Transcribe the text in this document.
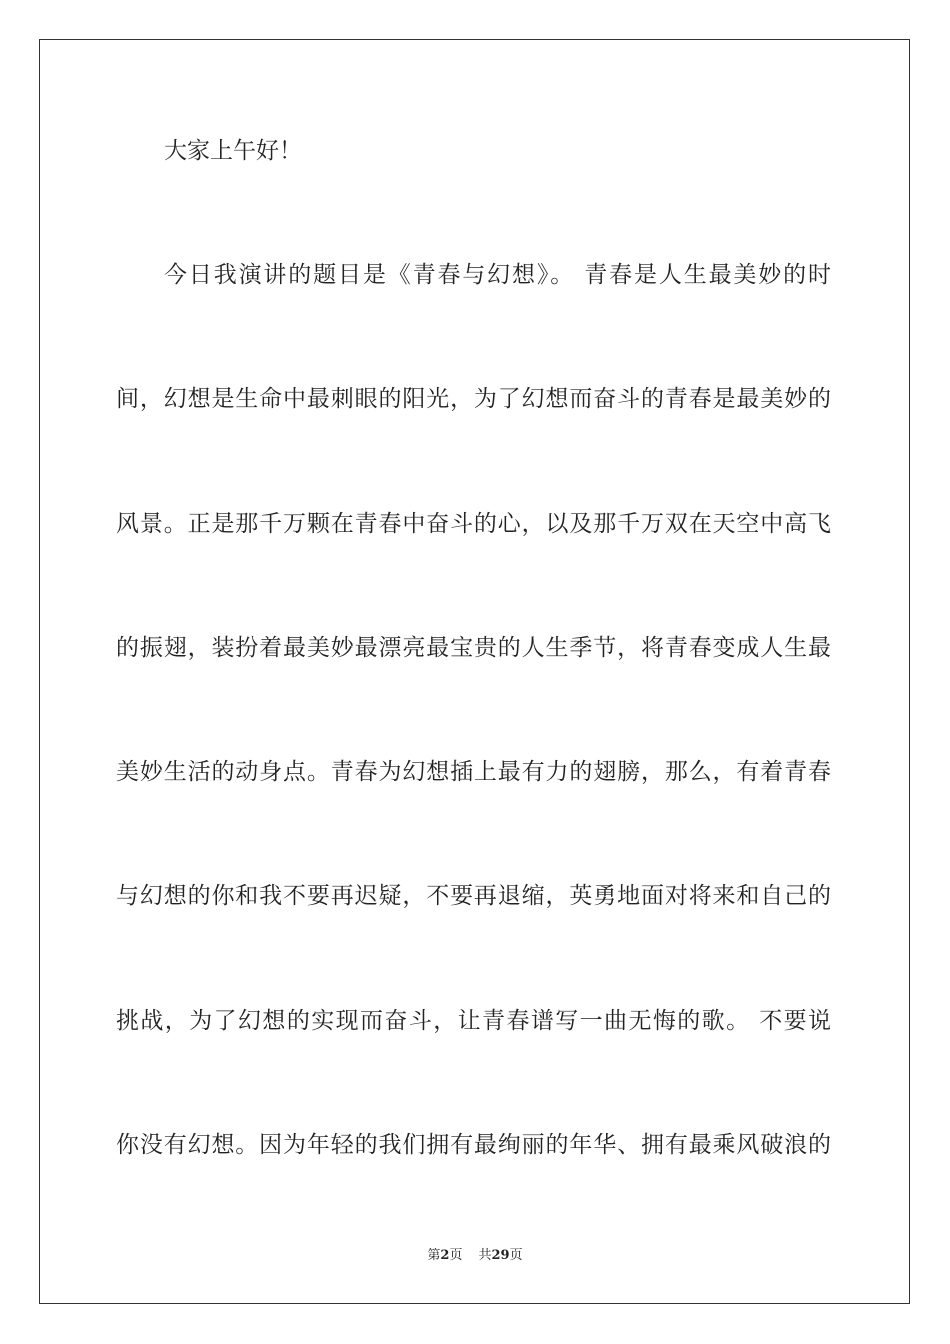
大家上午好！
今日我演讲的题目是《青春与幻想》。 青春是人生最美妙的时
间，幻想是生命中最刺眼的阳光，为了幻想而奋斗的青春是最美妙的
风景。正是那千万颗在青春中奋斗的心，以及那千万双在天空中高飞
的振翅，装扮着最美妙最漂亮最宝贵的人生季节，将青春变成人生最
美妙生活的动身点。青春为幻想插上最有力的翅膀，那么，有着青春
与幻想的你和我不要再迟疑，不要再退缩，英勇地面对将来和自己的
挑战，为了幻想的实现而奋斗，让青春谱写一曲无悔的歌。 不要说
你没有幻想。因为年轻的我们拥有最绚丽的年华、拥有最乘风破浪的
第2页 共29页
